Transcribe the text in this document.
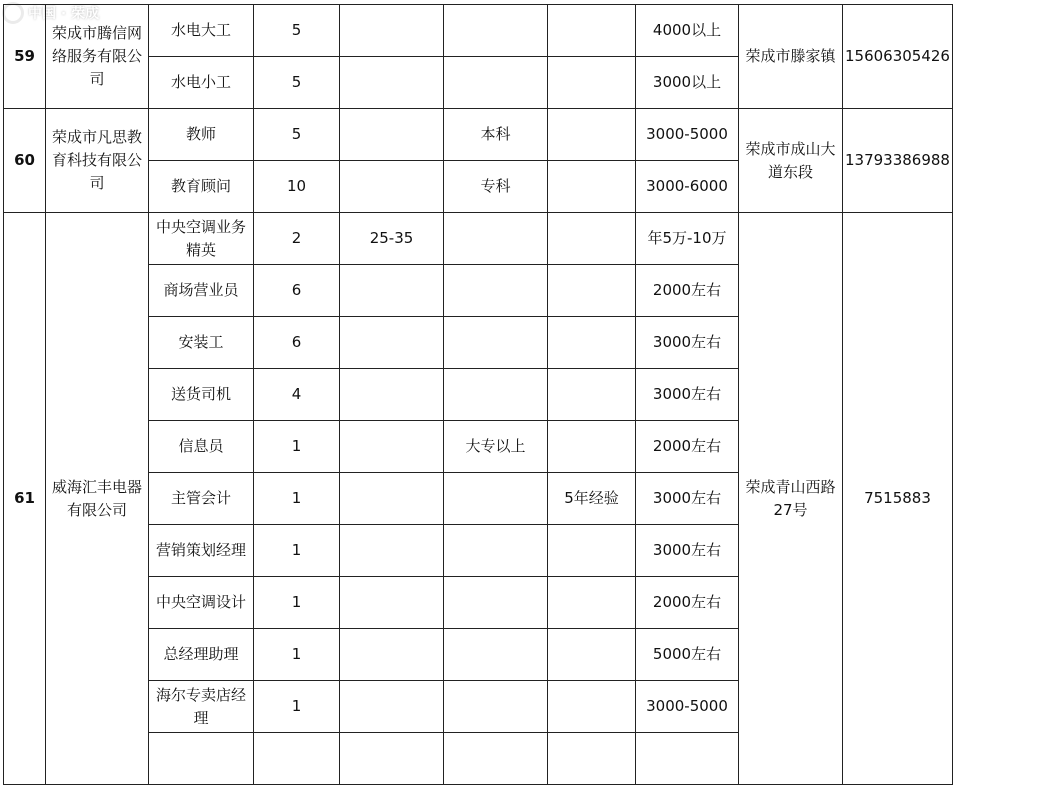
中国 · 荣成
59	荣成市腾信网络服务有限公司	水电大工	5				4000以上	荣成市滕家镇	15606305426
		水电小工	5				3000以上		
60	荣成市凡思教育科技有限公司	教师	5		本科		3000-5000	荣成市成山大道东段	13793386988
		教育顾问	10		专科		3000-6000		
61	威海汇丰电器有限公司	中央空调业务精英	2	25-35			年5万-10万	荣成青山西路27号	7515883
		商场营业员	6				2000左右		
		安装工	6				3000左右		
		送货司机	4				3000左右		
		信息员	1		大专以上		2000左右		
		主管会计	1			5年经验	3000左右		
		营销策划经理	1				3000左右		
		中央空调设计	1				2000左右		
		总经理助理	1				5000左右		
		海尔专卖店经理	1				3000-5000		
